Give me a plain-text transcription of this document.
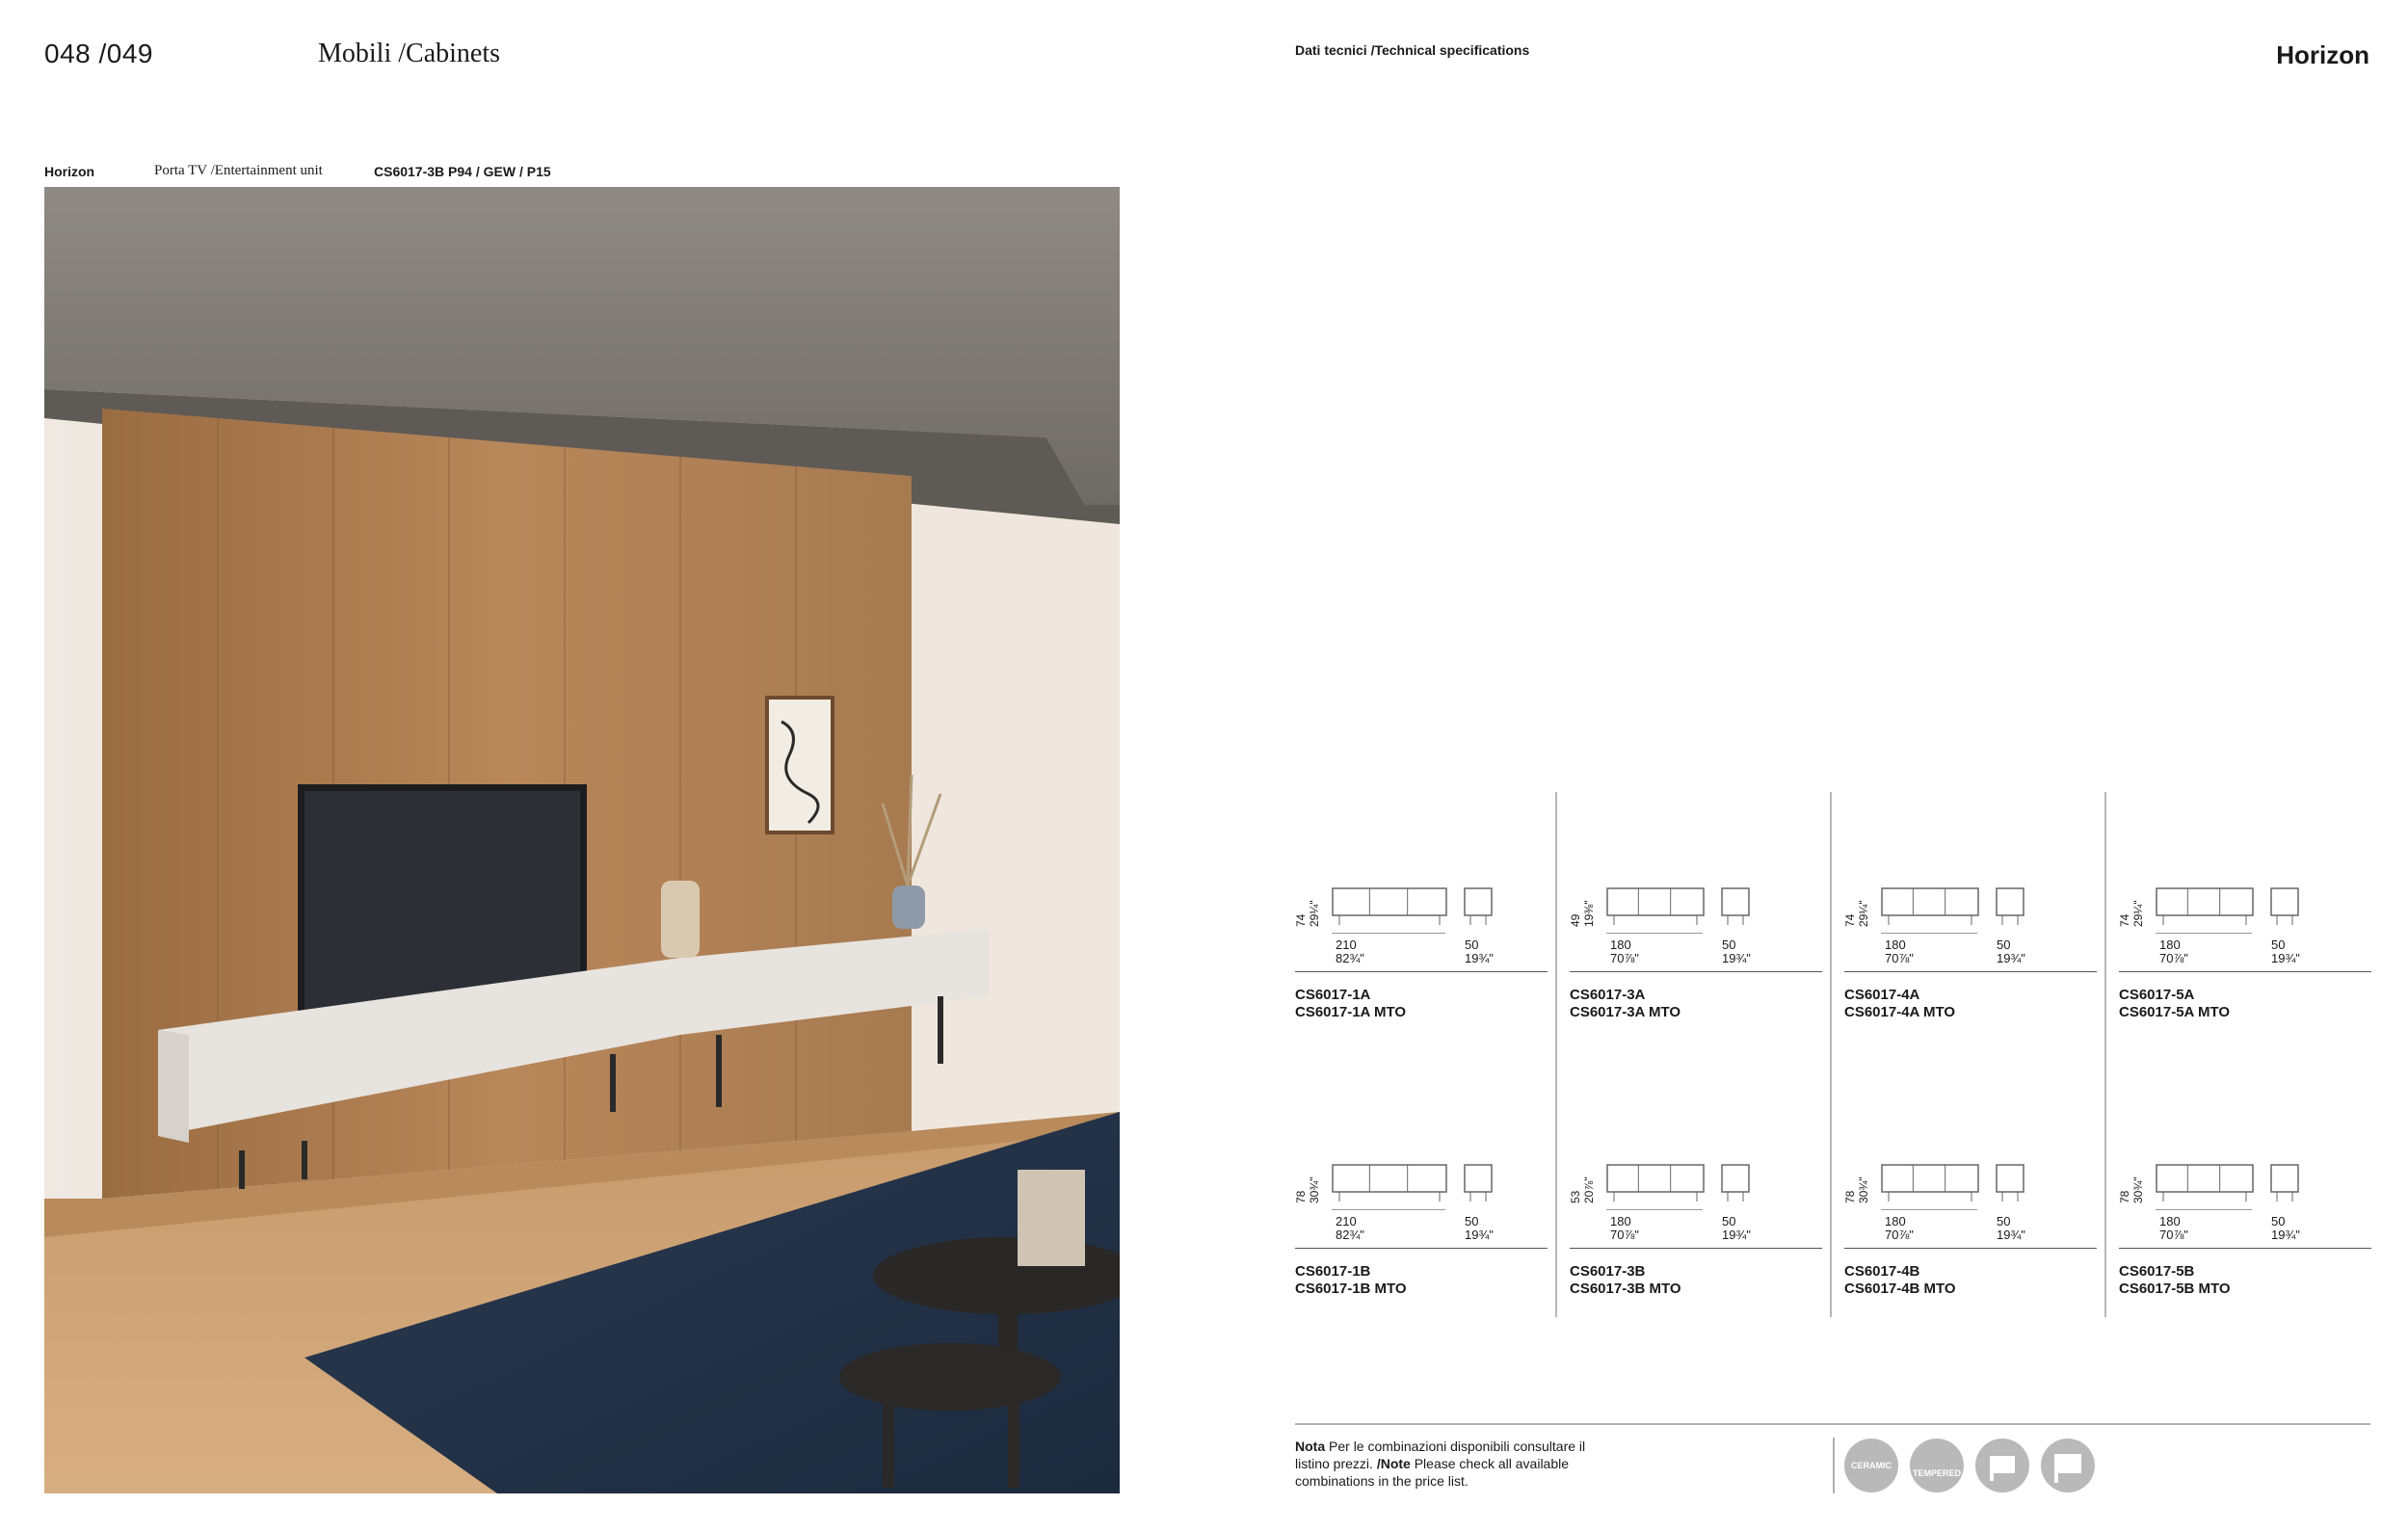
048 /049	Mobili /Cabinets	Dati tecnici /Technical specifications	Horizon
Horizon	Porta TV /Entertainment unit	CS6017-3B P94 / GEW / P15
74 29¼"
210
82¾"
50
19¾"
CS6017-1A
CS6017-1A MTO
49 19⅜"
180
70⅞"
50
19¾"
CS6017-3A
CS6017-3A MTO
74 29¼"
180
70⅞"
50
19¾"
CS6017-4A
CS6017-4A MTO
74 29¼"
180
70⅞"
50
19¾"
CS6017-5A
CS6017-5A MTO
78 30¾"
210
82¾"
50
19¾"
CS6017-1B
CS6017-1B MTO
53 20⅞"
180
70⅞"
50
19¾"
CS6017-3B
CS6017-3B MTO
78 30¾"
180
70⅞"
50
19¾"
CS6017-4B
CS6017-4B MTO
78 30¾"
180
70⅞"
50
19¾"
CS6017-5B
CS6017-5B MTO
Nota Per le combinazioni disponibili consultare il listino prezzi. /Note Please check all available combinations in the price list.
CERAMIC
TEMPERED
